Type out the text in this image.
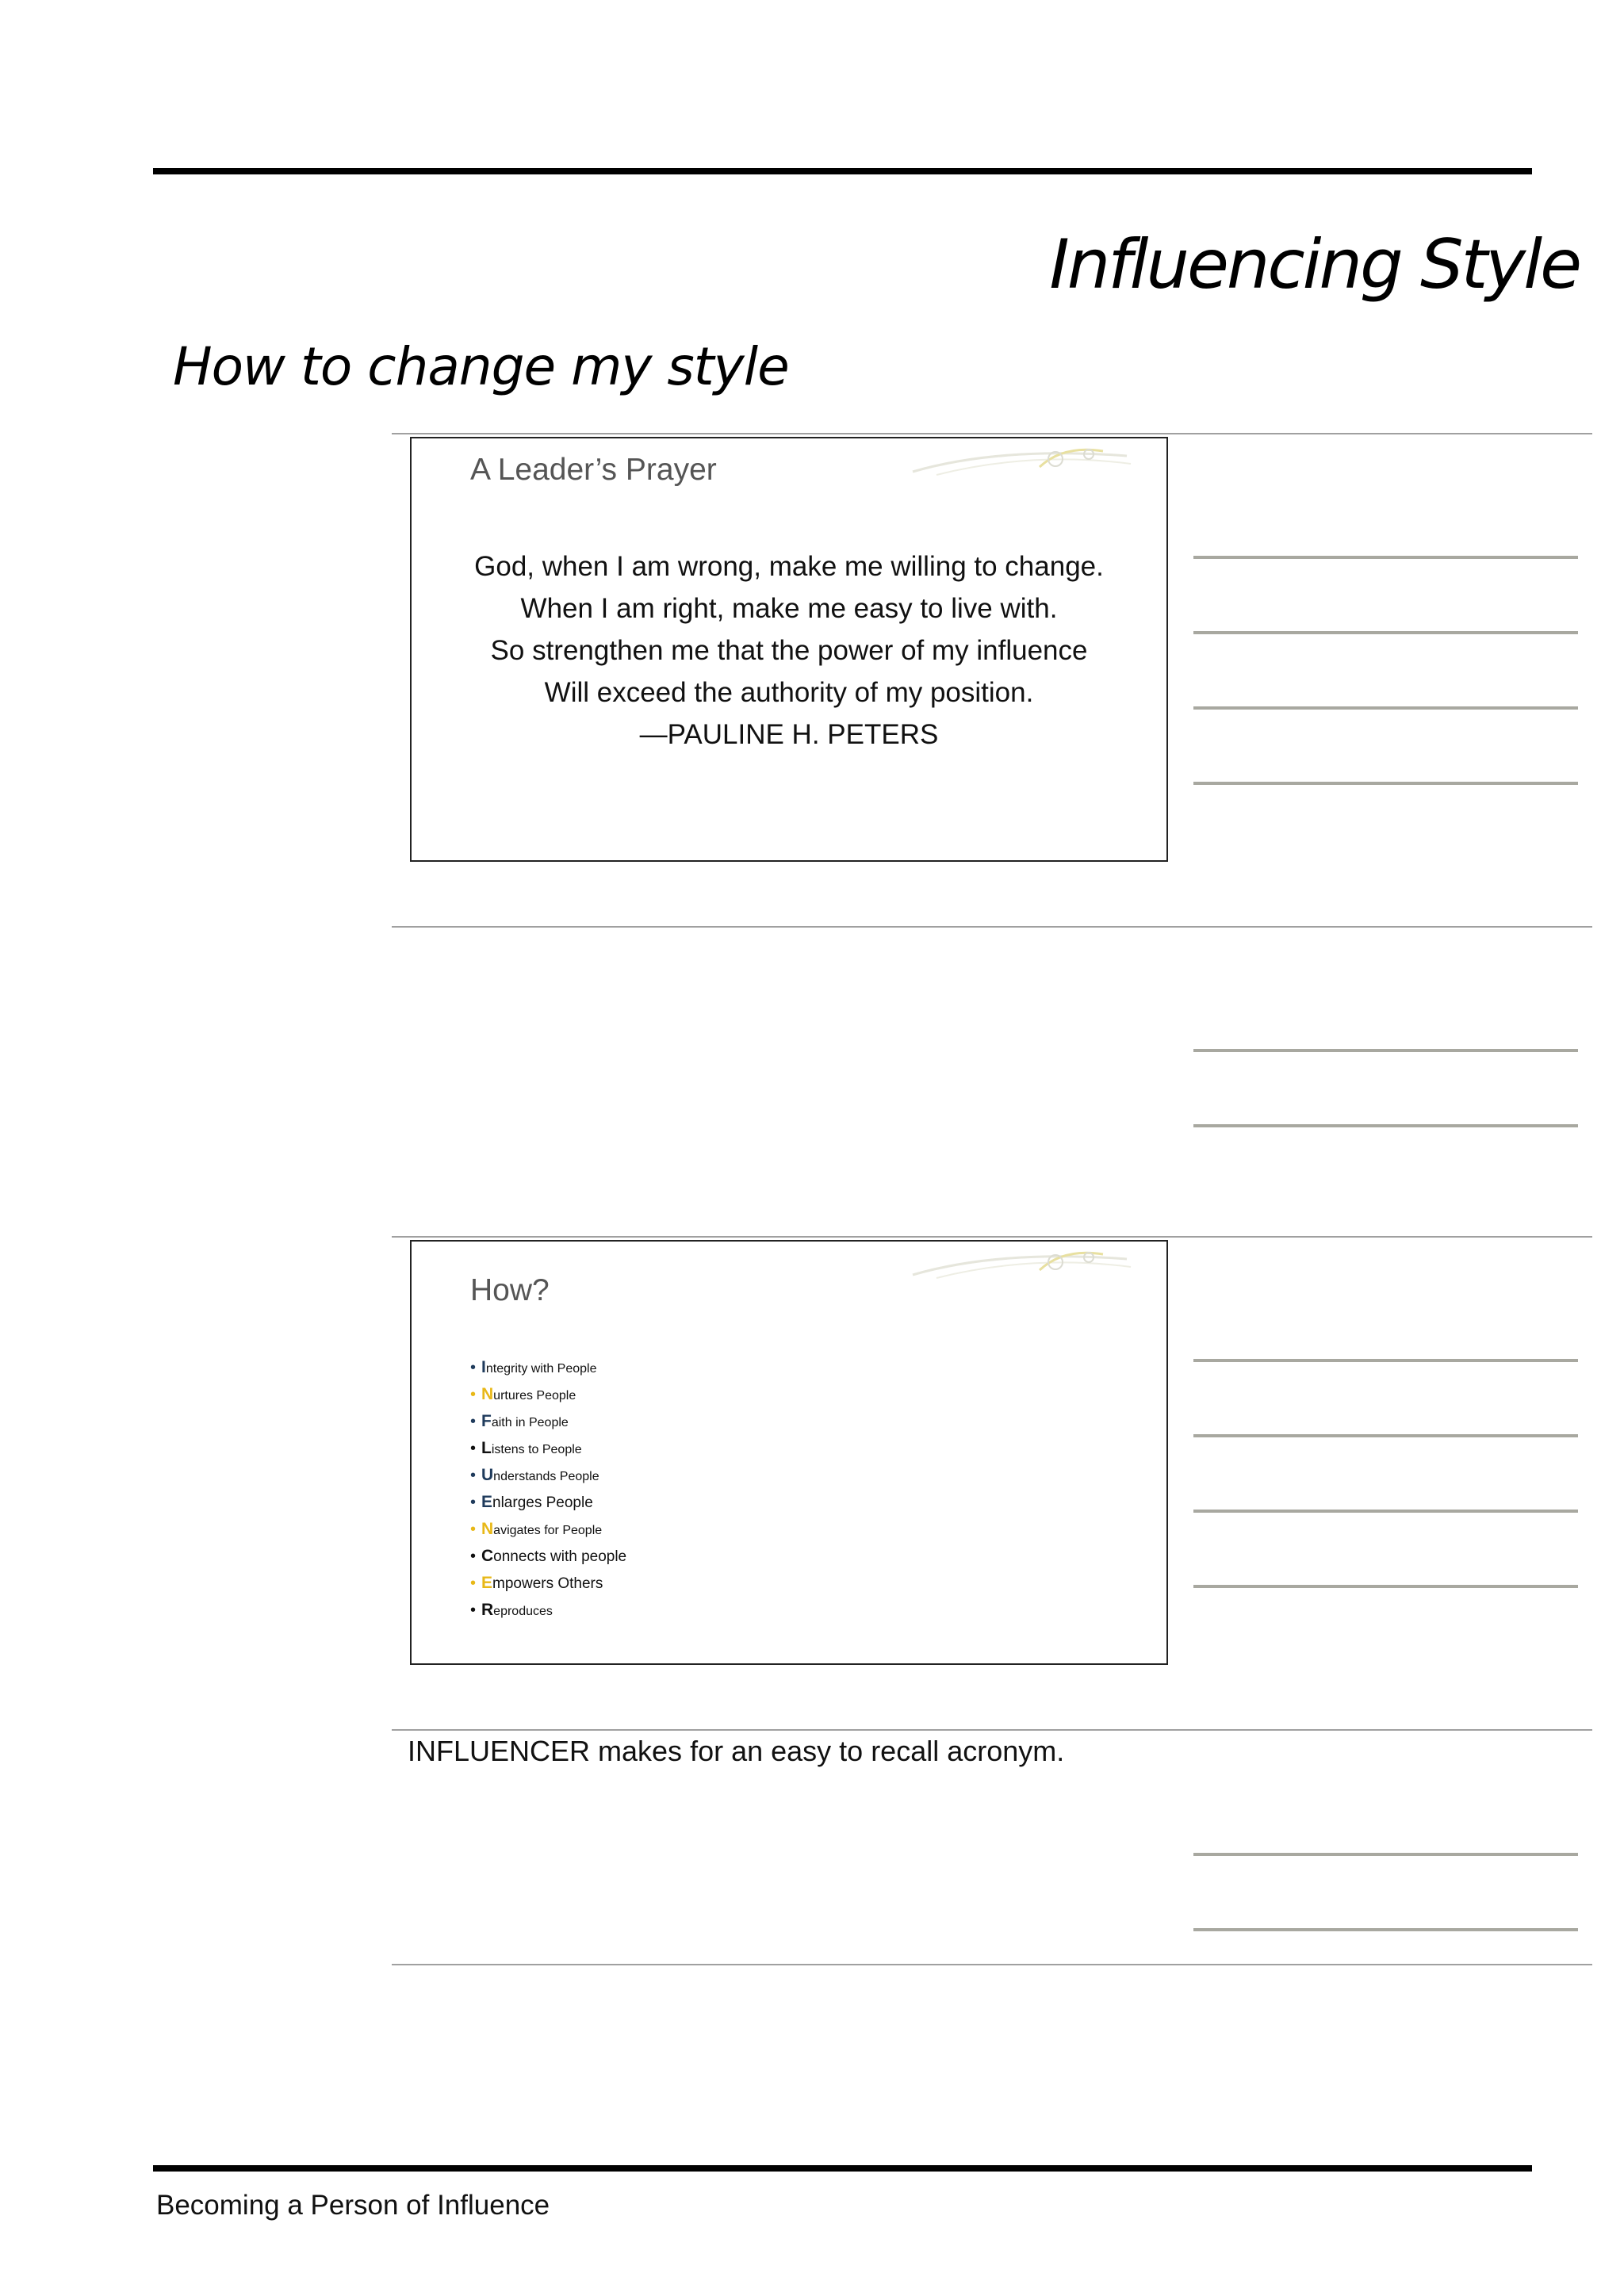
Influencing Style
How to change my style
A Leader’s Prayer

God, when I am wrong, make me willing to change.

When I am right, make me easy to live with.

So strengthen me that the power of my influence

Will exceed the authority of my position.

—PAULINE H. PETERS

How?
• Integrity with People
• Nurtures People
• Faith in People
• Listens to People
• Understands People
• Enlarges People
• Navigates for People
• Connects with people
• Empowers Others
• Reproduces

INFLUENCER makes for an easy to recall acronym.

Becoming a Person of Influence
